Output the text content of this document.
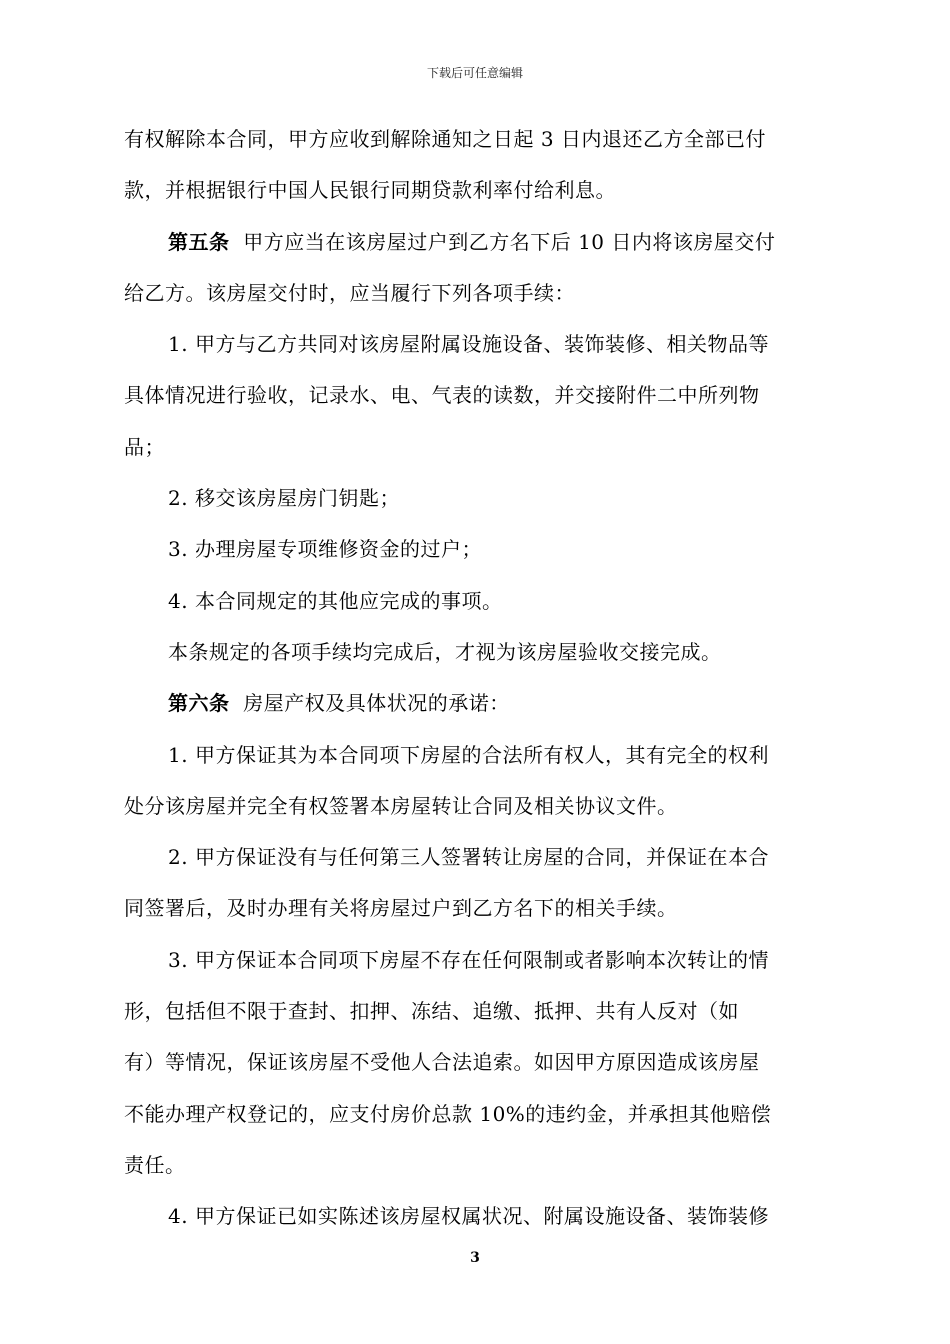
下载后可任意编辑
有权解除本合同，甲方应收到解除通知之日起 3 日内退还乙方全部已付
款，并根据银行中国人民银行同期贷款利率付给利息。
第五条 甲方应当在该房屋过户到乙方名下后 10 日内将该房屋交付
给乙方。该房屋交付时，应当履行下列各项手续：
1. 甲方与乙方共同对该房屋附属设施设备、装饰装修、相关物品等
具体情况进行验收，记录水、电、气表的读数，并交接附件二中所列物
品；
2. 移交该房屋房门钥匙；
3. 办理房屋专项维修资金的过户；
4. 本合同规定的其他应完成的事项。
本条规定的各项手续均完成后，才视为该房屋验收交接完成。
第六条 房屋产权及具体状况的承诺：
1. 甲方保证其为本合同项下房屋的合法所有权人，其有完全的权利
处分该房屋并完全有权签署本房屋转让合同及相关协议文件。
2. 甲方保证没有与任何第三人签署转让房屋的合同，并保证在本合
同签署后，及时办理有关将房屋过户到乙方名下的相关手续。
3. 甲方保证本合同项下房屋不存在任何限制或者影响本次转让的情
形，包括但不限于查封、扣押、冻结、追缴、抵押、共有人反对（如
有）等情况，保证该房屋不受他人合法追索。如因甲方原因造成该房屋
不能办理产权登记的，应支付房价总款 10%的违约金，并承担其他赔偿
责任。
4. 甲方保证已如实陈述该房屋权属状况、附属设施设备、装饰装修
3
